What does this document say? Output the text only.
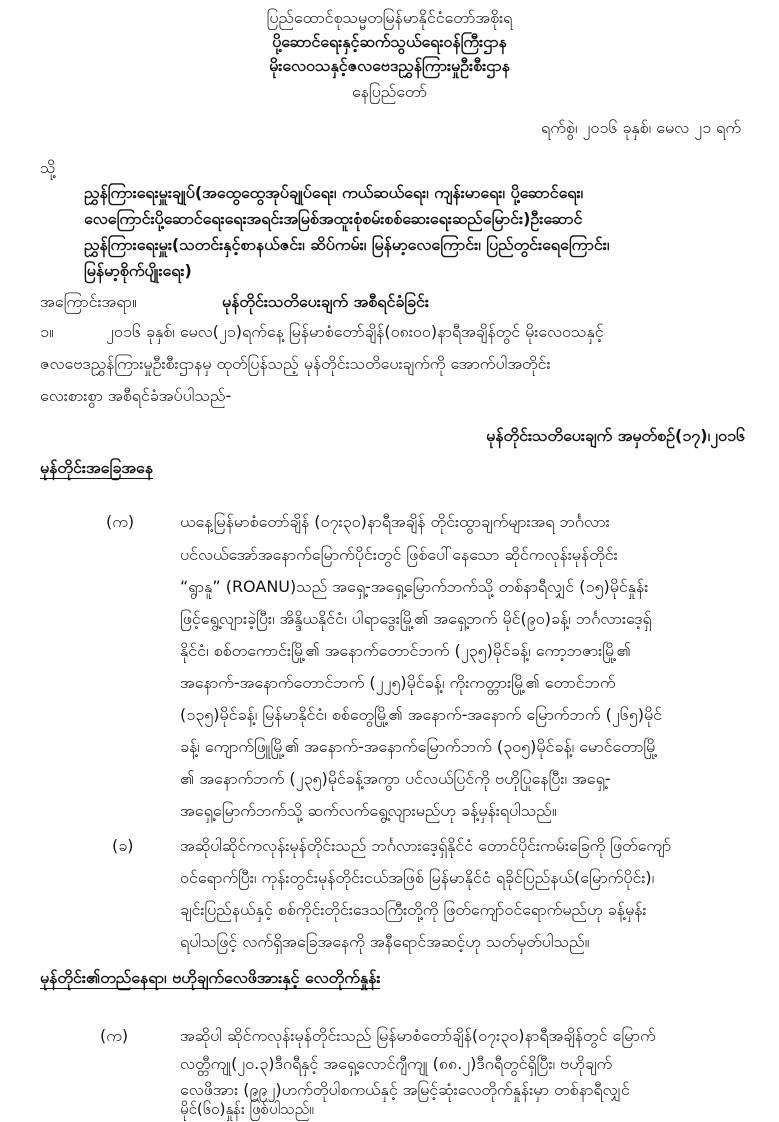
ပြည်ထောင်စုသမ္မတမြန်မာနိုင်ငံတော်အစိုးရ
ပို့ဆောင်ရေးနှင့်ဆက်သွယ်ရေးဝန်ကြီးဌာန
မိုးလေဝသနှင့်ဇလဗေဒညွှန်ကြားမှုဦးစီးဌာန
နေပြည်တော်
ရက်စွဲ၊ ၂၀၁၆ ခုနှစ်၊ မေလ ၂၁ ရက်
သို့
ညွှန်ကြားရေးမှူးချုပ်(အထွေထွေအုပ်ချုပ်ရေး၊ ကယ်ဆယ်ရေး၊ ကျန်းမာရေး၊ ပို့ဆောင်ရေး၊
လေကြောင်းပို့ဆောင်ရေးရေးအရင်းအမြစ်အထူးစုံစမ်းစစ်ဆေးရေးဆည်မြောင်း)ဦးဆောင်
ညွှန်ကြားရေးမှူး(သတင်းနှင့်စာနယ်ဇင်း၊ ဆိပ်ကမ်း၊ မြန်မာ့လေကြောင်း၊ ပြည်တွင်းရေကြောင်း၊
မြန်မာ့စိုက်ပျိုးရေး)
အကြောင်းအရာ။	မုန်တိုင်းသတိပေးချက် အစီရင်ခံခြင်း
၁။	၂၀၁၆ ခုနှစ်၊ မေလ(၂၁)ရက်နေ့ မြန်မာစံတော်ချိန်(၀၈း၀၀)နာရီအချိန်တွင် မိုးလေဝသနှင့်
ဇလဗေဒညွှန်ကြားမှုဦးစီးဌာနမှ ထုတ်ပြန်သည့် မုန်တိုင်းသတိပေးချက်ကို အောက်ပါအတိုင်း
လေးစားစွာ အစီရင်ခံအပ်ပါသည်-
မုန်တိုင်းသတိပေးချက် အမှတ်စဉ်(၁၇)၊၂၀၁၆
မုန်တိုင်းအခြေအနေ
(က)	ယနေ့မြန်မာစံတော်ချိန် (၀၇း၃၀)နာရီအချိန် တိုင်းထွာချက်များအရ ဘင်္ဂလား
ပင်လယ်အော်အနောက်မြောက်ပိုင်းတွင် ဖြစ်ပေါ်နေသော ဆိုင်ကလုန်းမုန်တိုင်း
“ရွာနူ” (ROANU)သည် အရှေ့-အရှေ့မြောက်ဘက်သို့ တစ်နာရီလျှင် (၁၅)မိုင်နှုန်း
ဖြင့်ရွေ့လျားခဲ့ပြီး၊ အိန္ဒိယနိုင်ငံ၊ ပါရာဒွေးမြို့၏ အရှေ့ဘက် မိုင်(၉၀)ခန့်၊ ဘင်္ဂလားဒေ့ရှ်
နိုင်ငံ၊ စစ်တကောင်းမြို့၏ အနောက်တောင်ဘက် (၂၃၅)မိုင်ခန့်၊ ကော့ဘဇားမြို့၏
အနောက်-အနောက်တောင်ဘက် (၂၂၅)မိုင်ခန့်၊ ကိုးကတ္တားမြို့၏ တောင်ဘက်
(၁၃၅)မိုင်ခန့်၊ မြန်မာနိုင်ငံ၊ စစ်တွေမြို့၏ အနောက်-အနောက် မြောက်ဘက် (၂၆၅)မိုင်
ခန့်၊ ကျောက်ဖြူမြို့၏ အနောက်-အနောက်မြောက်ဘက် (၃၀၅)မိုင်ခန့်၊ မောင်တောမြို့
၏ အနောက်ဘက် (၂၃၅)မိုင်ခန့်အကွာ ပင်လယ်ပြင်ကို ဗဟိုပြုနေပြီး၊ အရှေ့-
အရှေ့မြောက်ဘက်သို့ ဆက်လက်ရွေ့လျားမည်ဟု ခန့်မှန်းရပါသည်။
(ခ)	အဆိုပါဆိုင်ကလုန်းမုန်တိုင်းသည် ဘင်္ဂလားဒေ့ရှ်နိုင်ငံ တောင်ပိုင်းကမ်းခြေကို ဖြတ်ကျော်
ဝင်ရောက်ပြီး၊ ကုန်းတွင်းမုန်တိုင်းငယ်အဖြစ် မြန်မာနိုင်ငံ ရခိုင်ပြည်နယ်(မြောက်ပိုင်း)၊
ချင်းပြည်နယ်နှင့် စစ်ကိုင်းတိုင်းဒေသကြီးတို့ကို ဖြတ်ကျော်ဝင်ရောက်မည်ဟု ခန့်မှန်း
ရပါသဖြင့် လက်ရှိအခြေအနေကို အနီရောင်အဆင့်ဟု သတ်မှတ်ပါသည်။
မုန်တိုင်း၏တည်နေရာ၊ ဗဟိုချက်လေဖိအားနှင့် လေတိုက်နှုန်း
(က)	အဆိုပါ ဆိုင်ကလုန်းမုန်တိုင်းသည် မြန်မာစံတော်ချိန်(၀၇း၃၀)နာရီအချိန်တွင် မြောက်
လတ္တီကျု(၂၀.၃)ဒီဂရီနှင့် အရှေ့လောင်ဂျီကျု (၈၈.၂)ဒီဂရီတွင်ရှိပြီး၊ ဗဟိုချက်
လေဖိအား (၉၉၂)ဟက်တိုပါစကယ်နှင့် အမြင့်ဆုံးလေတိုက်နှုန်းမှာ တစ်နာရီလျှင်
မိုင်(၆၀)နှုန်း ဖြစ်ပါသည်။
